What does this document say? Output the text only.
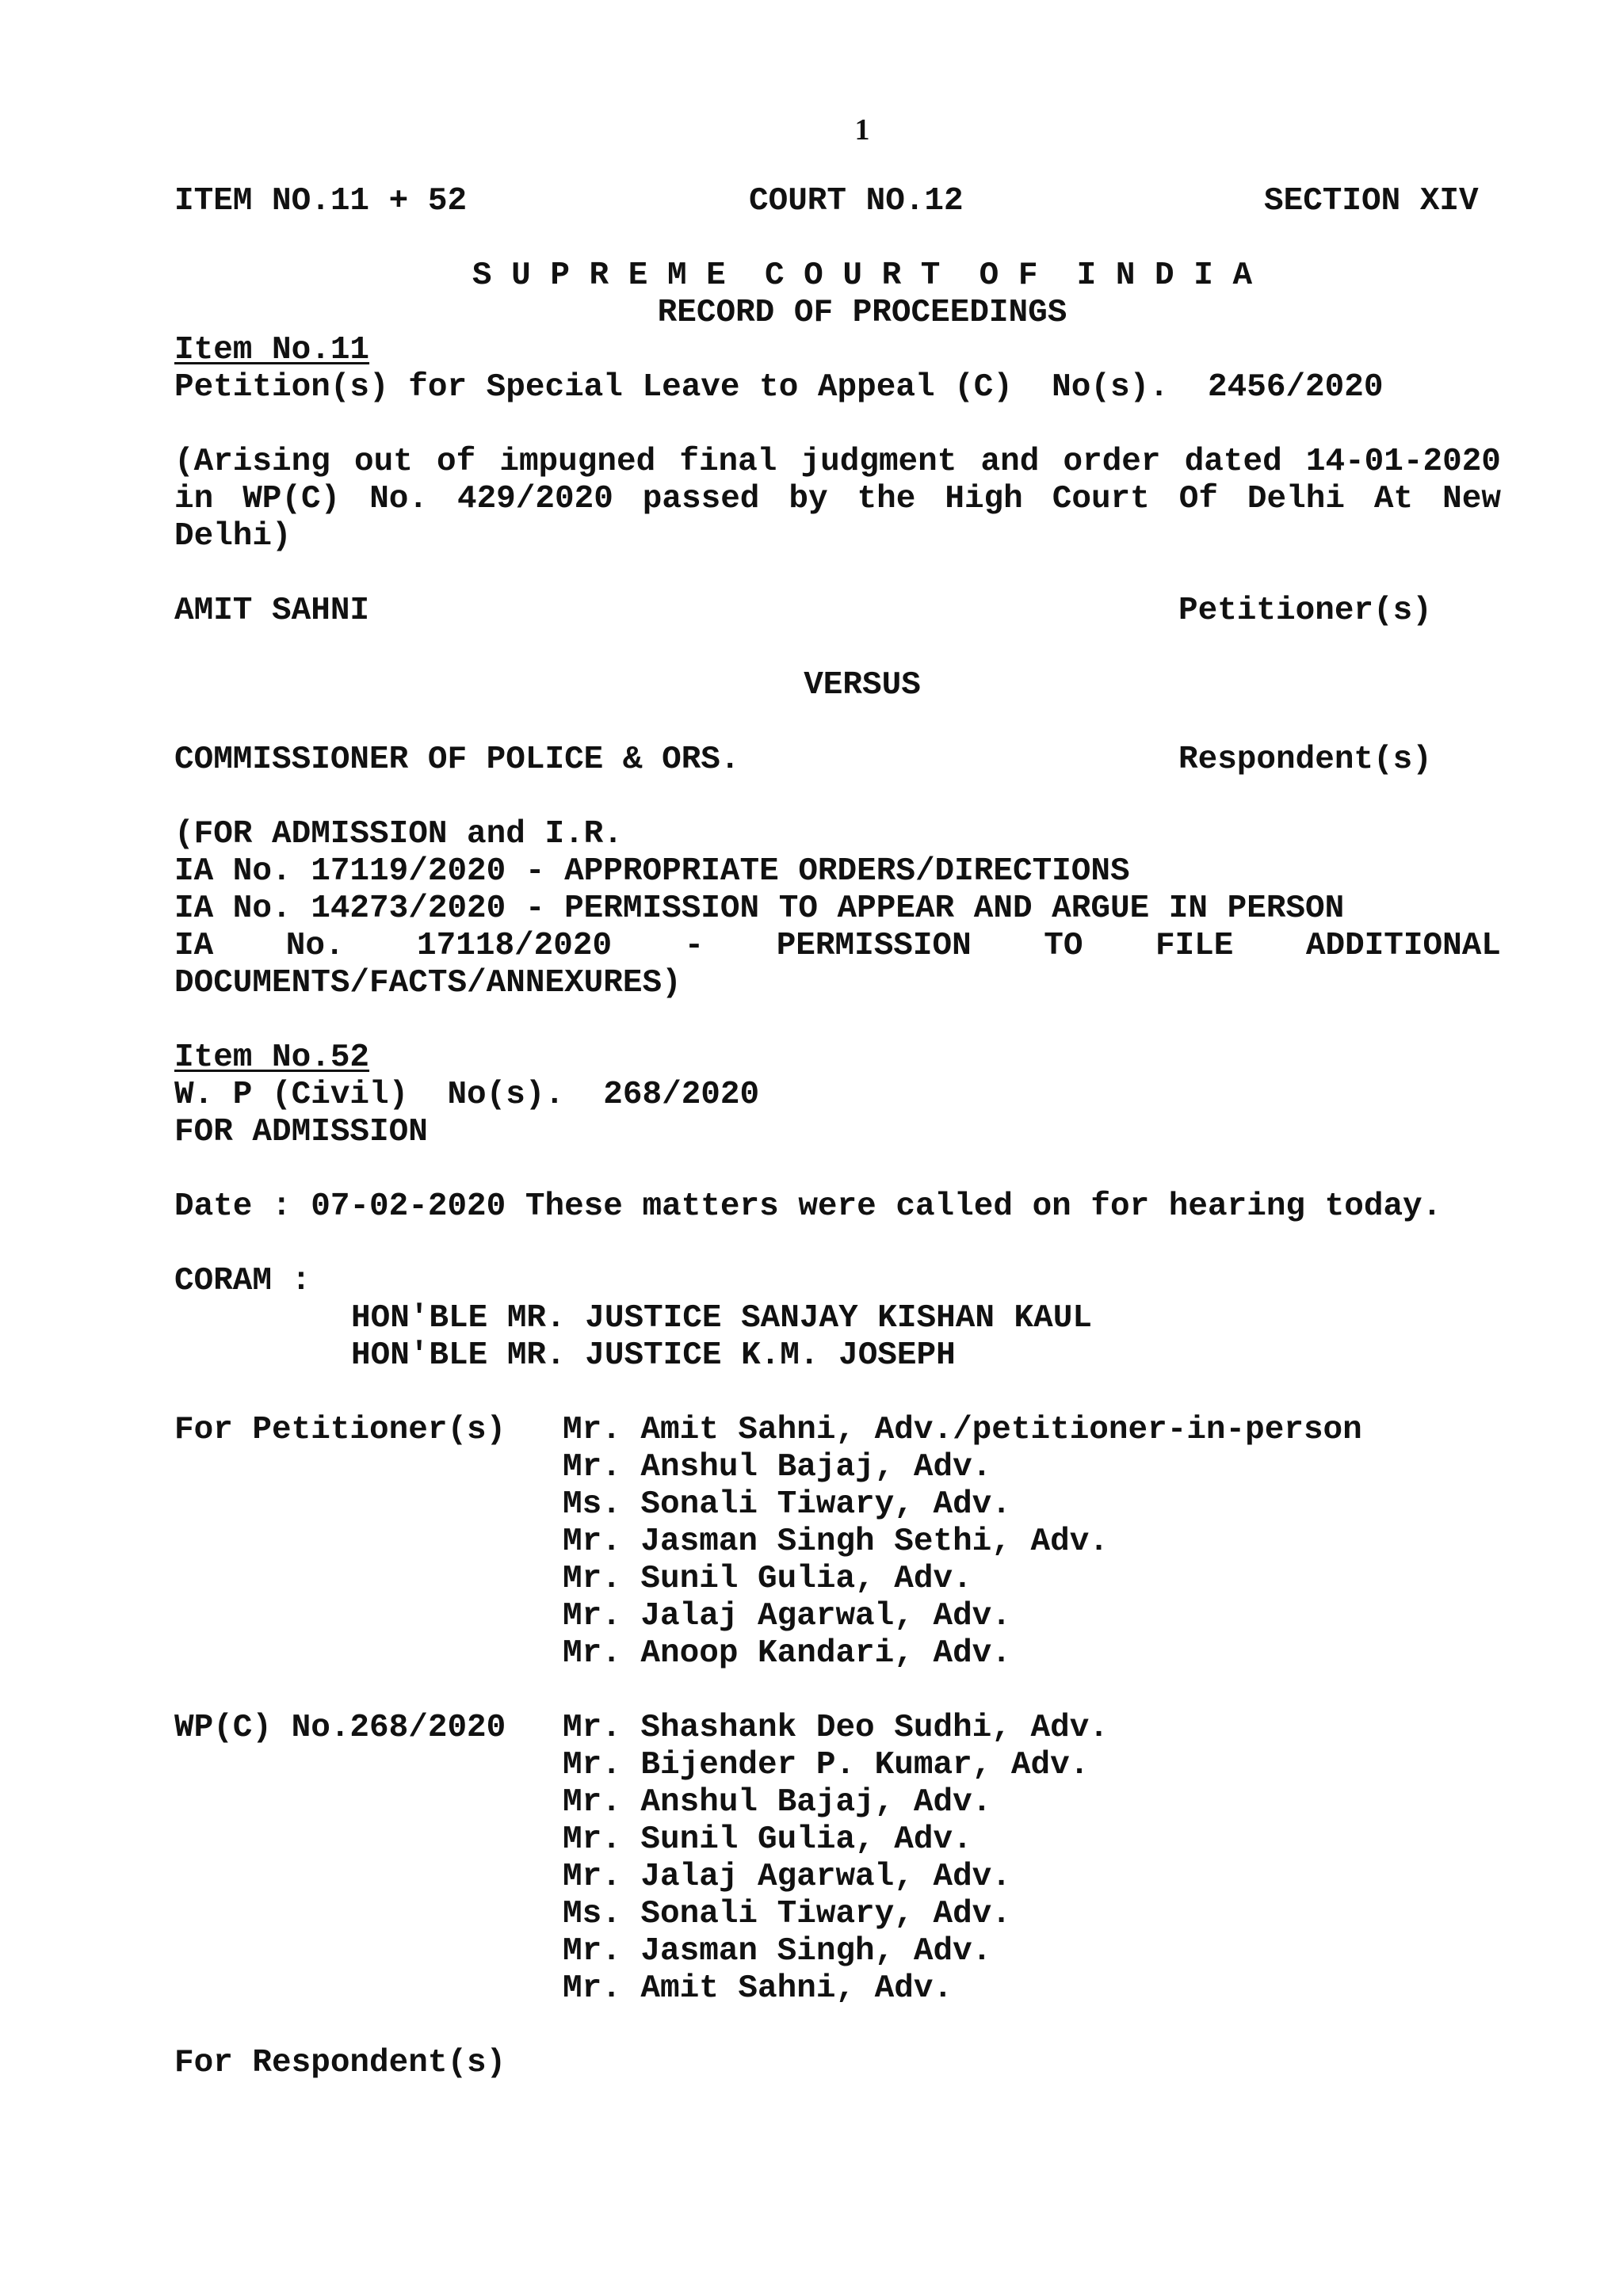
1
ITEM NO.11 + 52	COURT NO.12	SECTION XIV
S U P R E M E  C O U R T  O F  I N D I A
RECORD OF PROCEEDINGS
Item No.11
Petition(s) for Special Leave to Appeal (C)  No(s).  2456/2020
(Arising out of impugned final judgment and order dated 14-01-2020
in WP(C) No. 429/2020 passed by the High Court Of Delhi At New
Delhi)
AMIT SAHNI	Petitioner(s)
VERSUS
COMMISSIONER OF POLICE & ORS.	Respondent(s)
(FOR ADMISSION and I.R.
IA No. 17119/2020 - APPROPRIATE ORDERS/DIRECTIONS
IA No. 14273/2020 - PERMISSION TO APPEAR AND ARGUE IN PERSON
IA No. 17118/2020 - PERMISSION TO FILE ADDITIONAL
DOCUMENTS/FACTS/ANNEXURES)
Item No.52
W. P (Civil)  No(s).  268/2020
FOR ADMISSION
Date : 07-02-2020 These matters were called on for hearing today.
CORAM :
HON'BLE MR. JUSTICE SANJAY KISHAN KAUL
HON'BLE MR. JUSTICE K.M. JOSEPH
For Petitioner(s) Mr. Amit Sahni, Adv./petitioner-in-person
Mr. Anshul Bajaj, Adv.
Ms. Sonali Tiwary, Adv.
Mr. Jasman Singh Sethi, Adv.
Mr. Sunil Gulia, Adv.
Mr. Jalaj Agarwal, Adv.
Mr. Anoop Kandari, Adv.
WP(C) No.268/2020 Mr. Shashank Deo Sudhi, Adv.
Mr. Bijender P. Kumar, Adv.
Mr. Anshul Bajaj, Adv.
Mr. Sunil Gulia, Adv.
Mr. Jalaj Agarwal, Adv.
Ms. Sonali Tiwary, Adv.
Mr. Jasman Singh, Adv.
Mr. Amit Sahni, Adv.
For Respondent(s)
